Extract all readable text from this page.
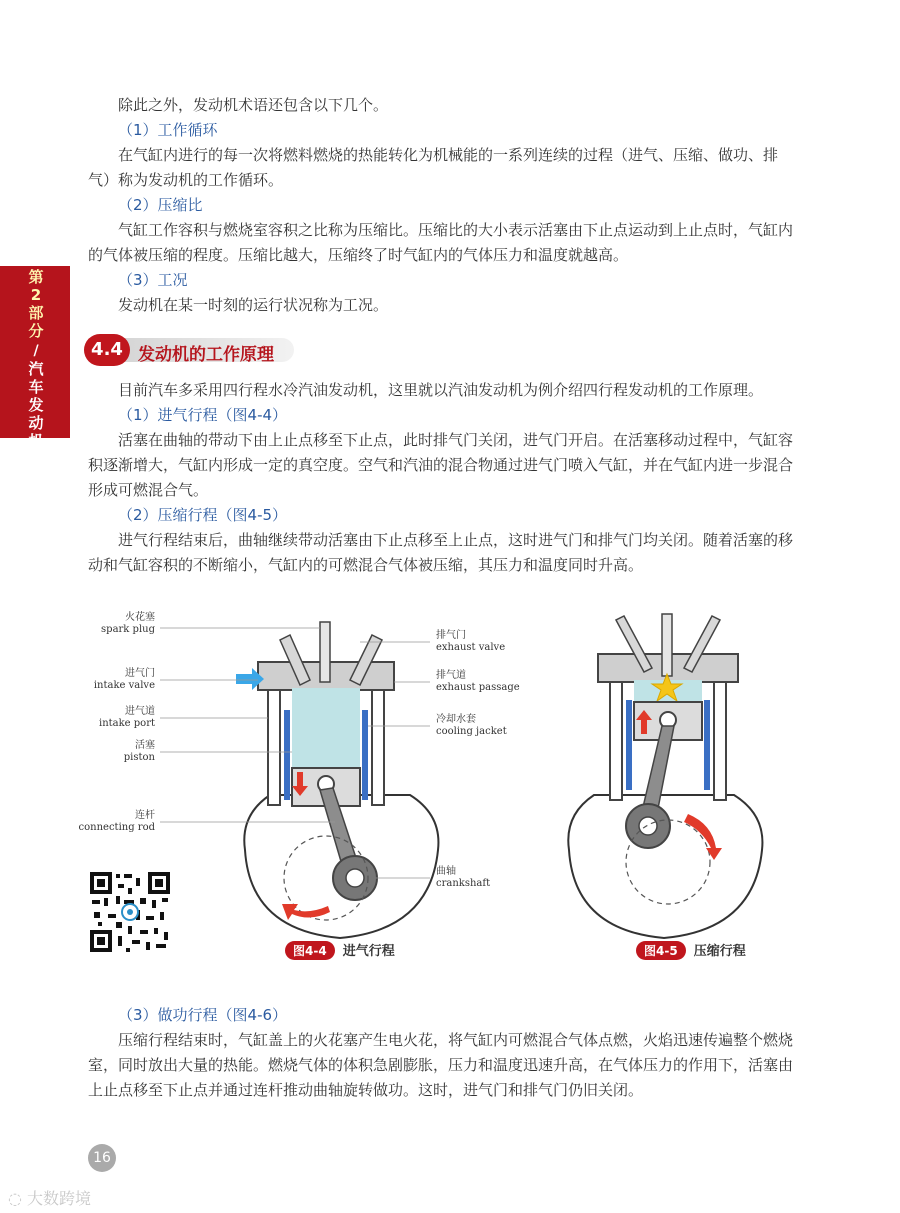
第2部分
/
汽车发动机

除此之外，发动机术语还包含以下几个。

（1）工作循环

在气缸内进行的每一次将燃料燃烧的热能转化为机械能的一系列连续的过程（进气、压缩、做功、排气）称为发动机的工作循环。

（2）压缩比

气缸工作容积与燃烧室容积之比称为压缩比。压缩比的大小表示活塞由下止点运动到上止点时，气缸内的气体被压缩的程度。压缩比越大，压缩终了时气缸内的气体压力和温度就越高。

（3）工况

发动机在某一时刻的运行状况称为工况。

4.4 发动机的工作原理

目前汽车多采用四行程水冷汽油发动机，这里就以汽油发动机为例介绍四行程发动机的工作原理。

（1）进气行程（图4-4）

活塞在曲轴的带动下由上止点移至下止点，此时排气门关闭，进气门开启。在活塞移动过程中，气缸容积逐渐增大，气缸内形成一定的真空度。空气和汽油的混合物通过进气门喷入气缸，并在气缸内进一步混合形成可燃混合气。

（2）压缩行程（图4-5）

进气行程结束后，曲轴继续带动活塞由下止点移至上止点，这时进气门和排气门均关闭。随着活塞的移动和气缸容积的不断缩小，气缸内的可燃混合气体被压缩，其压力和温度同时升高。

火花塞
spark plug
进气门
intake valve
进气道
intake port
活塞
piston
连杆
connecting rod
排气门
exhaust valve
排气道
exhaust passage
冷却水套
cooling jacket
曲轴
crankshaft
图4-4 进气行程	图4-5 压缩行程
（3）做功行程（图4-6）

压缩行程结束时，气缸盖上的火花塞产生电火花，将气缸内可燃混合气体点燃，火焰迅速传遍整个燃烧室，同时放出大量的热能。燃烧气体的体积急剧膨胀，压力和温度迅速升高，在气体压力的作用下，活塞由上止点移至下止点并通过连杆推动曲轴旋转做功。这时，进气门和排气门仍旧关闭。

16
◌ 大数跨境
